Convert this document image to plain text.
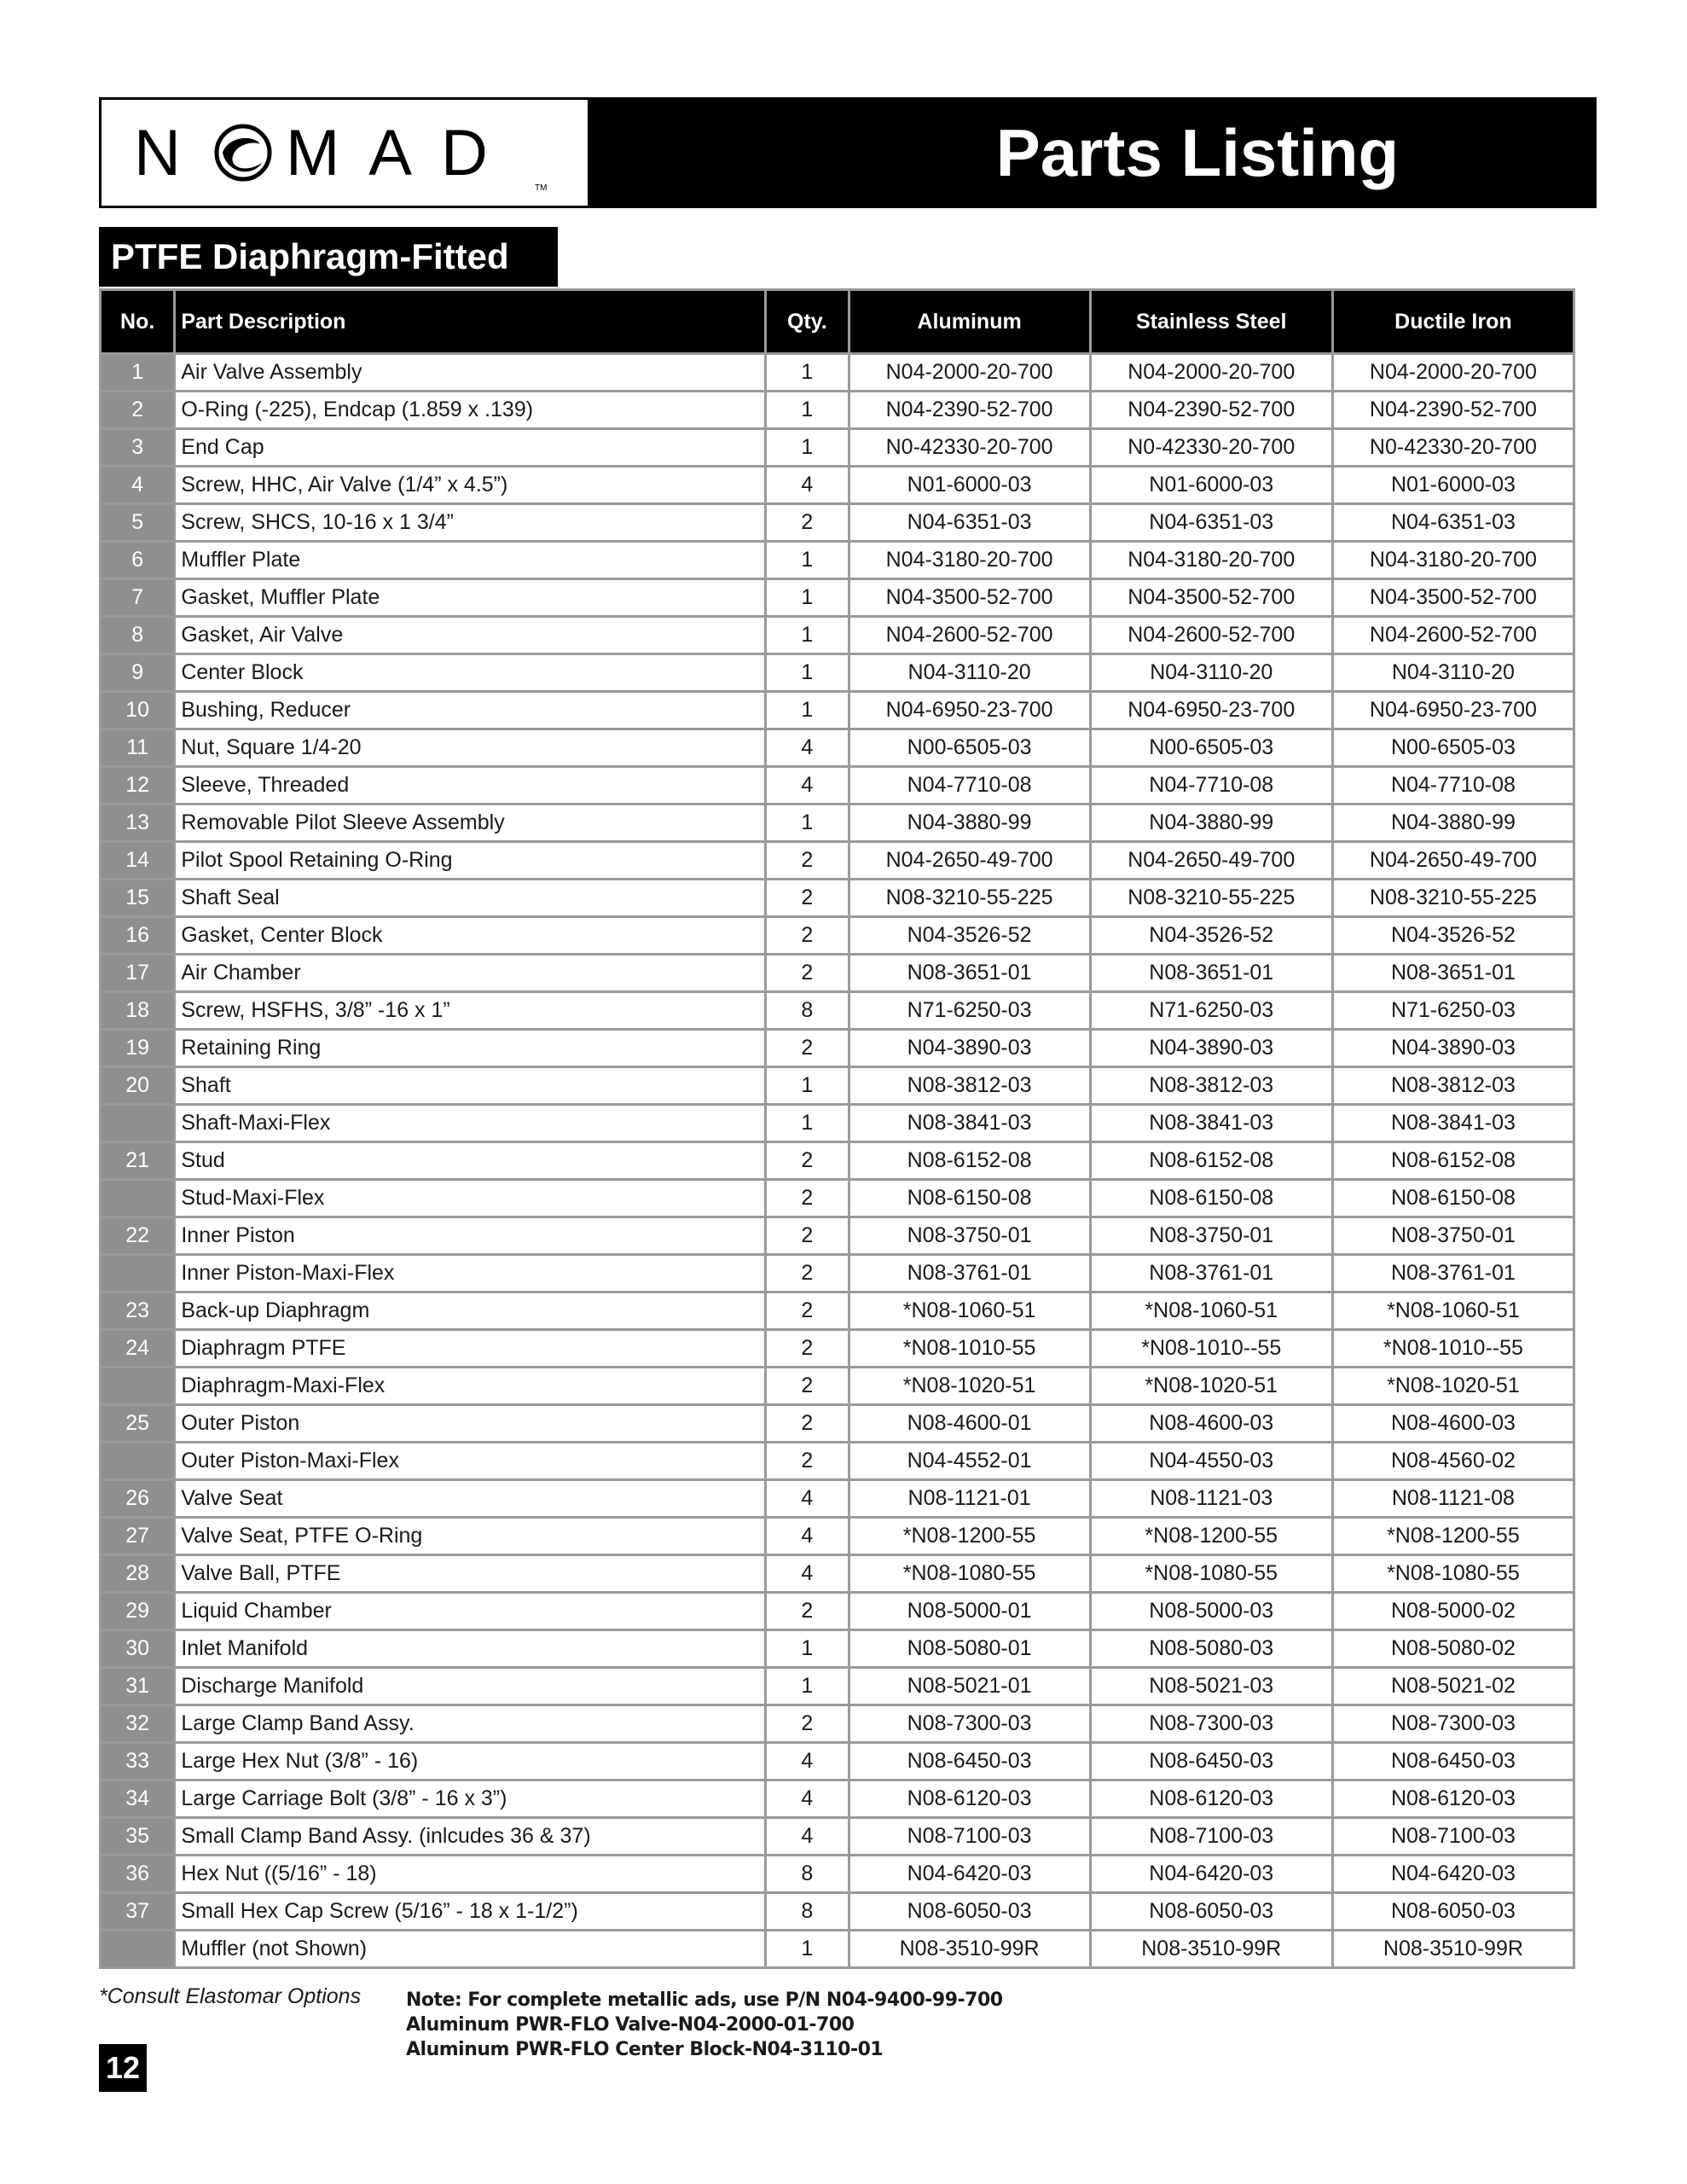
N MAD TM	Parts Listing
PTFE Diaphragm-Fitted
No.	Part Description	Qty.	Aluminum	Stainless Steel	Ductile Iron
1	Air Valve Assembly	1	N04-2000-20-700	N04-2000-20-700	N04-2000-20-700
2	O-Ring (-225), Endcap (1.859 x .139)	1	N04-2390-52-700	N04-2390-52-700	N04-2390-52-700
3	End Cap	1	N0-42330-20-700	N0-42330-20-700	N0-42330-20-700
4	Screw, HHC, Air Valve (1/4” x 4.5”)	4	N01-6000-03	N01-6000-03	N01-6000-03
5	Screw, SHCS, 10-16 x 1 3/4”	2	N04-6351-03	N04-6351-03	N04-6351-03
6	Muffler Plate	1	N04-3180-20-700	N04-3180-20-700	N04-3180-20-700
7	Gasket, Muffler Plate	1	N04-3500-52-700	N04-3500-52-700	N04-3500-52-700
8	Gasket, Air Valve	1	N04-2600-52-700	N04-2600-52-700	N04-2600-52-700
9	Center Block	1	N04-3110-20	N04-3110-20	N04-3110-20
10	Bushing, Reducer	1	N04-6950-23-700	N04-6950-23-700	N04-6950-23-700
11	Nut, Square 1/4-20	4	N00-6505-03	N00-6505-03	N00-6505-03
12	Sleeve, Threaded	4	N04-7710-08	N04-7710-08	N04-7710-08
13	Removable Pilot Sleeve Assembly	1	N04-3880-99	N04-3880-99	N04-3880-99
14	Pilot Spool Retaining O-Ring	2	N04-2650-49-700	N04-2650-49-700	N04-2650-49-700
15	Shaft Seal	2	N08-3210-55-225	N08-3210-55-225	N08-3210-55-225
16	Gasket, Center Block	2	N04-3526-52	N04-3526-52	N04-3526-52
17	Air Chamber	2	N08-3651-01	N08-3651-01	N08-3651-01
18	Screw, HSFHS, 3/8” -16 x 1”	8	N71-6250-03	N71-6250-03	N71-6250-03
19	Retaining Ring	2	N04-3890-03	N04-3890-03	N04-3890-03
20	Shaft	1	N08-3812-03	N08-3812-03	N08-3812-03
	Shaft-Maxi-Flex	1	N08-3841-03	N08-3841-03	N08-3841-03
21	Stud	2	N08-6152-08	N08-6152-08	N08-6152-08
	Stud-Maxi-Flex	2	N08-6150-08	N08-6150-08	N08-6150-08
22	Inner Piston	2	N08-3750-01	N08-3750-01	N08-3750-01
	Inner Piston-Maxi-Flex	2	N08-3761-01	N08-3761-01	N08-3761-01
23	Back-up Diaphragm	2	*N08-1060-51	*N08-1060-51	*N08-1060-51
24	Diaphragm PTFE	2	*N08-1010-55	*N08-1010--55	*N08-1010--55
	Diaphragm-Maxi-Flex	2	*N08-1020-51	*N08-1020-51	*N08-1020-51
25	Outer Piston	2	N08-4600-01	N08-4600-03	N08-4600-03
	Outer Piston-Maxi-Flex	2	N04-4552-01	N04-4550-03	N08-4560-02
26	Valve Seat	4	N08-1121-01	N08-1121-03	N08-1121-08
27	Valve Seat, PTFE O-Ring	4	*N08-1200-55	*N08-1200-55	*N08-1200-55
28	Valve Ball, PTFE	4	*N08-1080-55	*N08-1080-55	*N08-1080-55
29	Liquid Chamber	2	N08-5000-01	N08-5000-03	N08-5000-02
30	Inlet Manifold	1	N08-5080-01	N08-5080-03	N08-5080-02
31	Discharge Manifold	1	N08-5021-01	N08-5021-03	N08-5021-02
32	Large Clamp Band Assy.	2	N08-7300-03	N08-7300-03	N08-7300-03
33	Large Hex Nut (3/8” - 16)	4	N08-6450-03	N08-6450-03	N08-6450-03
34	Large Carriage Bolt (3/8” - 16 x 3”)	4	N08-6120-03	N08-6120-03	N08-6120-03
35	Small Clamp Band Assy. (inlcudes 36 & 37)	4	N08-7100-03	N08-7100-03	N08-7100-03
36	Hex Nut ((5/16” - 18)	8	N04-6420-03	N04-6420-03	N04-6420-03
37	Small Hex Cap Screw (5/16” - 18 x 1-1/2”)	8	N08-6050-03	N08-6050-03	N08-6050-03
	Muffler (not Shown)	1	N08-3510-99R	N08-3510-99R	N08-3510-99R
*Consult Elastomar Options Note: For complete metallic ads, use P/N N04-9400-99-700
Aluminum PWR-FLO Valve-N04-2000-01-700
Aluminum PWR-FLO Center Block-N04-3110-01
12
